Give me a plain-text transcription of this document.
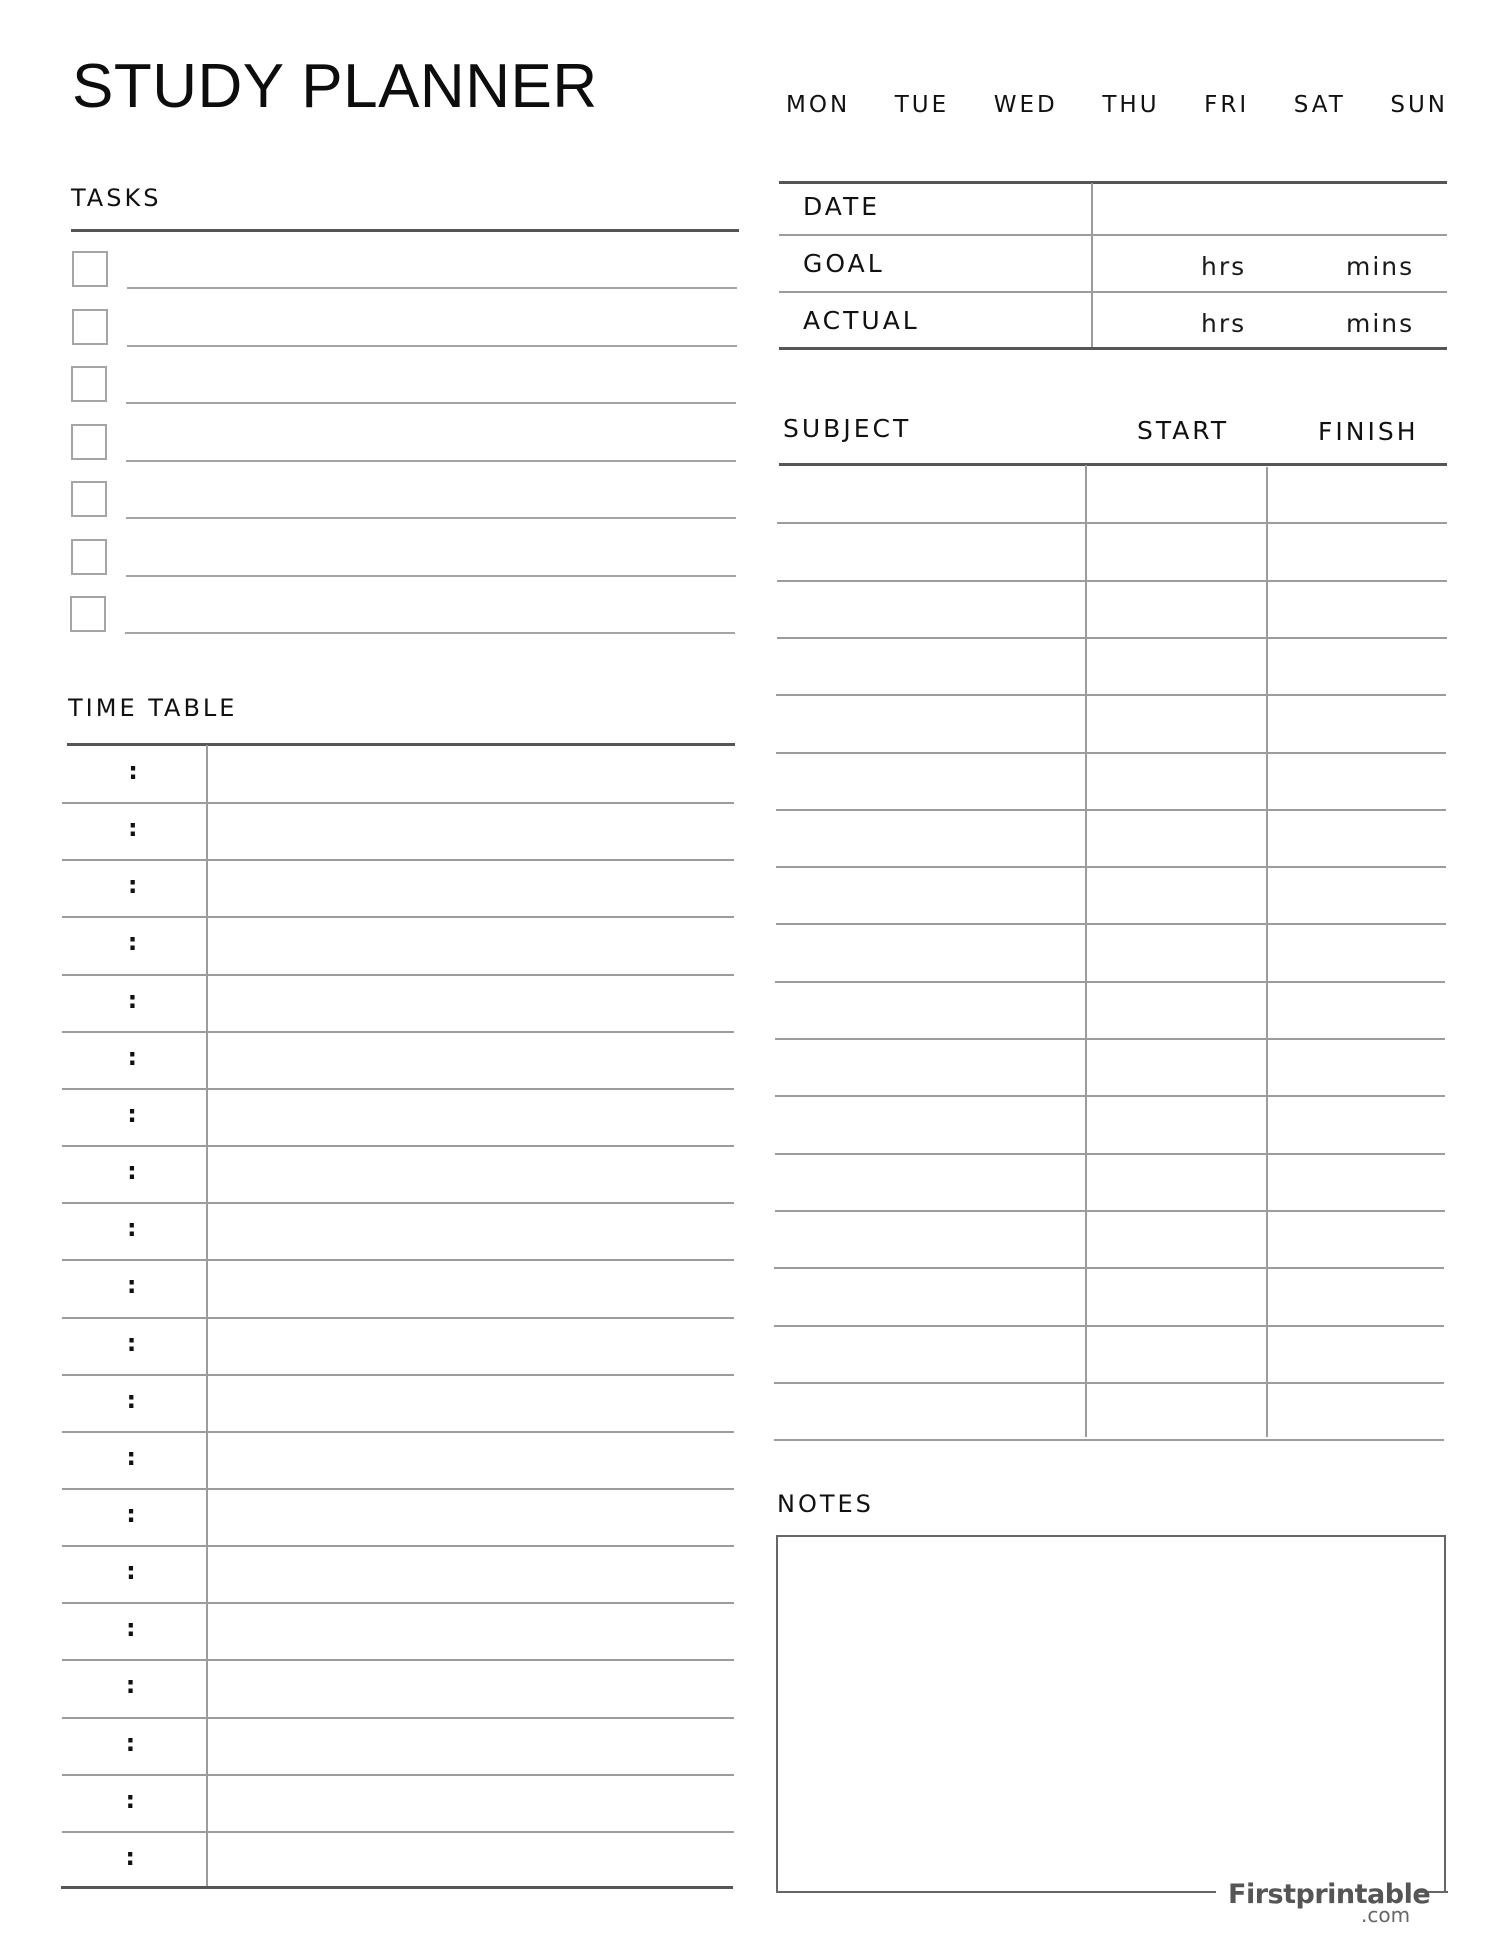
STUDY PLANNER	MON TUE WED THU FRI SAT SUN
TASKS
TIME TABLE
:
:
:
:
:
:
:
:
:
:
:
:
:
:
:
:
:
:
:
:
DATE
GOAL	hrs	mins
ACTUAL	hrs	mins
SUBJECT	START	FINISH
NOTES
Firstprintable
.com
